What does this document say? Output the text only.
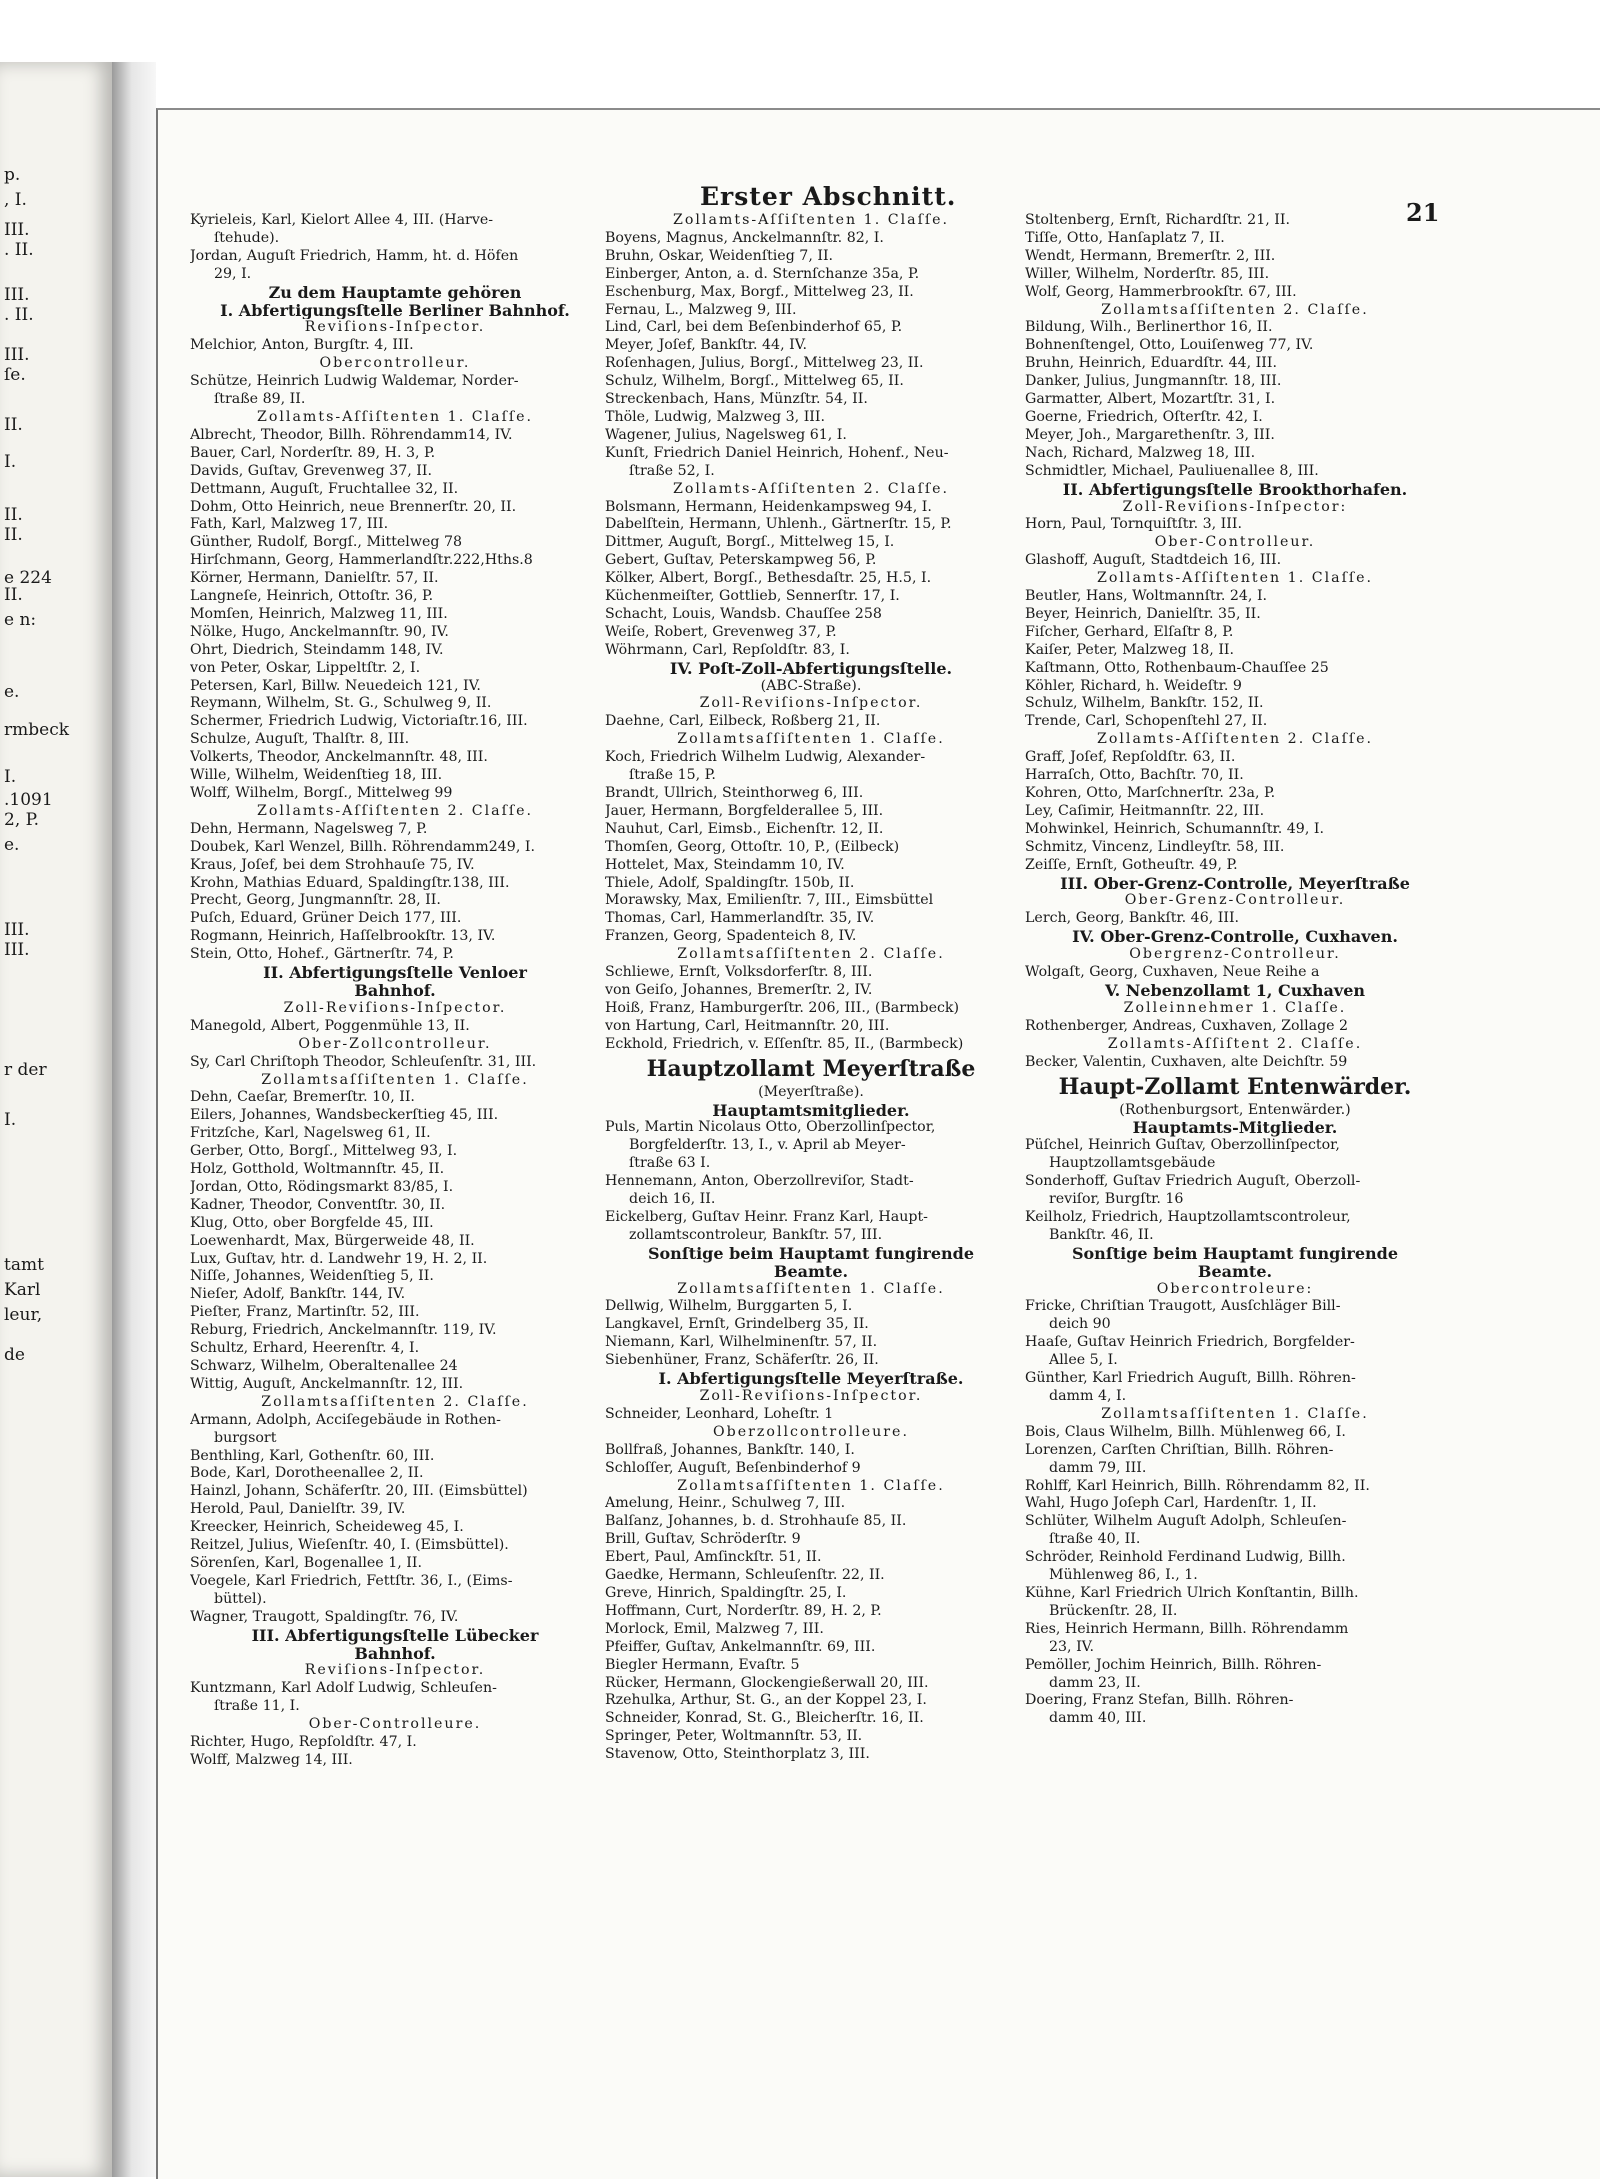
p.
, I.
III.
. II.
III.
. II.
III.
ſe.
II.
I.
II.
II.
e 224
II.
e n:
e.
rmbeck
I.
.1091
2, P.
e.
III.
III.
r der
I.
tamt
Karl
leur,
de
Erster Abschnitt.
21
Kyrieleis, Karl, Kielort Allee 4, III. (Harve-
ſtehude).
Jordan, Auguſt Friedrich, Hamm, ht. d. Höfen
29, I.
Zu dem Hauptamte gehören
I. Abfertigungsſtelle Berliner Bahnhof.
Reviſions-Inſpector.
Melchior, Anton, Burgſtr. 4, III.
Obercontrolleur.
Schütze, Heinrich Ludwig Waldemar, Norder-
ſtraße 89, II.
Zollamts-Aſſiſtenten 1. Claſſe.
Albrecht, Theodor, Billh. Röhrendamm14, IV.
Bauer, Carl, Norderſtr. 89, H. 3, P.
Davids, Guſtav, Grevenweg 37, II.
Dettmann, Auguſt, Fruchtallee 32, II.
Dohm, Otto Heinrich, neue Brennerſtr. 20, II.
Fath, Karl, Malzweg 17, III.
Günther, Rudolf, Borgſ., Mittelweg 78
Hirſchmann, Georg, Hammerlandſtr.222,Hths.8
Körner, Hermann, Danielſtr. 57, II.
Langneſe, Heinrich, Ottoſtr. 36, P.
Momſen, Heinrich, Malzweg 11, III.
Nölke, Hugo, Anckelmannſtr. 90, IV.
Ohrt, Diedrich, Steindamm 148, IV.
von Peter, Oskar, Lippeltſtr. 2, I.
Petersen, Karl, Billw. Neuedeich 121, IV.
Reymann, Wilhelm, St. G., Schulweg 9, II.
Schermer, Friedrich Ludwig, Victoriaſtr.16, III.
Schulze, Auguſt, Thalſtr. 8, III.
Volkerts, Theodor, Anckelmannſtr. 48, III.
Wille, Wilhelm, Weidenſtieg 18, III.
Wolff, Wilhelm, Borgſ., Mittelweg 99
Zollamts-Aſſiſtenten 2. Claſſe.
Dehn, Hermann, Nagelsweg 7, P.
Doubek, Karl Wenzel, Billh. Röhrendamm249, I.
Kraus, Joſef, bei dem Strohhauſe 75, IV.
Krohn, Mathias Eduard, Spaldingſtr.138, III.
Precht, Georg, Jungmannſtr. 28, II.
Puſch, Eduard, Grüner Deich 177, III.
Rogmann, Heinrich, Haſſelbrookſtr. 13, IV.
Stein, Otto, Hohef., Gärtnerſtr. 74, P.
II. Abfertigungsſtelle Venloer
Bahnhof.
Zoll-Reviſions-Inſpector.
Manegold, Albert, Poggenmühle 13, II.
Ober-Zollcontrolleur.
Sy, Carl Chriſtoph Theodor, Schleuſenſtr. 31, III.
Zollamtsaſſiſtenten 1. Claſſe.
Dehn, Caeſar, Bremerſtr. 10, II.
Eilers, Johannes, Wandsbeckerſtieg 45, III.
Fritzſche, Karl, Nagelsweg 61, II.
Gerber, Otto, Borgſ., Mittelweg 93, I.
Holz, Gotthold, Woltmannſtr. 45, II.
Jordan, Otto, Rödingsmarkt 83/85, I.
Kadner, Theodor, Conventſtr. 30, II.
Klug, Otto, ober Borgfelde 45, III.
Loewenhardt, Max, Bürgerweide 48, II.
Lux, Guſtav, htr. d. Landwehr 19, H. 2, II.
Niſſe, Johannes, Weidenſtieg 5, II.
Nieſer, Adolf, Bankſtr. 144, IV.
Pieſter, Franz, Martinſtr. 52, III.
Reburg, Friedrich, Anckelmannſtr. 119, IV.
Schultz, Erhard, Heerenſtr. 4, I.
Schwarz, Wilhelm, Oberaltenallee 24
Wittig, Auguſt, Anckelmannſtr. 12, III.
Zollamtsaſſiſtenten 2. Claſſe.
Armann, Adolph, Acciſegebäude in Rothen-
burgsort
Benthling, Karl, Gothenſtr. 60, III.
Bode, Karl, Dorotheenallee 2, II.
Hainzl, Johann, Schäferſtr. 20, III. (Eimsbüttel)
Herold, Paul, Danielſtr. 39, IV.
Kreecker, Heinrich, Scheideweg 45, I.
Reitzel, Julius, Wieſenſtr. 40, I. (Eimsbüttel).
Sörenſen, Karl, Bogenallee 1, II.
Voegele, Karl Friedrich, Fettſtr. 36, I., (Eims-
büttel).
Wagner, Traugott, Spaldingſtr. 76, IV.
III. Abfertigungsſtelle Lübecker
Bahnhof.
Reviſions-Inſpector.
Kuntzmann, Karl Adolf Ludwig, Schleuſen-
ſtraße 11, I.
Ober-Controlleure.
Richter, Hugo, Repſoldſtr. 47, I.
Wolff, Malzweg 14, III.
Zollamts-Aſſiſtenten 1. Claſſe.
Boyens, Magnus, Anckelmannſtr. 82, I.
Bruhn, Oskar, Weidenſtieg 7, II.
Einberger, Anton, a. d. Sternſchanze 35a, P.
Eschenburg, Max, Borgf., Mittelweg 23, II.
Fernau, L., Malzweg 9, III.
Lind, Carl, bei dem Beſenbinderhof 65, P.
Meyer, Joſef, Bankſtr. 44, IV.
Roſenhagen, Julius, Borgſ., Mittelweg 23, II.
Schulz, Wilhelm, Borgſ., Mittelweg 65, II.
Streckenbach, Hans, Münzſtr. 54, II.
Thöle, Ludwig, Malzweg 3, III.
Wagener, Julius, Nagelsweg 61, I.
Kunſt, Friedrich Daniel Heinrich, Hohenf., Neu-
ſtraße 52, I.
Zollamts-Aſſiſtenten 2. Claſſe.
Bolsmann, Hermann, Heidenkampsweg 94, I.
Dabelſtein, Hermann, Uhlenh., Gärtnerſtr. 15, P.
Dittmer, Auguſt, Borgſ., Mittelweg 15, I.
Gebert, Guſtav, Peterskampweg 56, P.
Kölker, Albert, Borgſ., Bethesdaſtr. 25, H.5, I.
Küchenmeiſter, Gottlieb, Sennerſtr. 17, I.
Schacht, Louis, Wandsb. Chauſſee 258
Weiſe, Robert, Grevenweg 37, P.
Wöhrmann, Carl, Repſoldſtr. 83, I.
IV. Poſt-Zoll-Abfertigungsſtelle.
(ABC-Straße).
Zoll-Reviſions-Inſpector.
Daehne, Carl, Eilbeck, Roßberg 21, II.
Zollamtsaſſiſtenten 1. Claſſe.
Koch, Friedrich Wilhelm Ludwig, Alexander-
ſtraße 15, P.
Brandt, Ullrich, Steinthorweg 6, III.
Jauer, Hermann, Borgfelderallee 5, III.
Nauhut, Carl, Eimsb., Eichenſtr. 12, II.
Thomſen, Georg, Ottoſtr. 10, P., (Eilbeck)
Hottelet, Max, Steindamm 10, IV.
Thiele, Adolf, Spaldingſtr. 150b, II.
Morawsky, Max, Emilienſtr. 7, III., Eimsbüttel
Thomas, Carl, Hammerlandſtr. 35, IV.
Franzen, Georg, Spadenteich 8, IV.
Zollamtsaſſiſtenten 2. Claſſe.
Schliewe, Ernſt, Volksdorferſtr. 8, III.
von Geiſo, Johannes, Bremerſtr. 2, IV.
Hoiß, Franz, Hamburgerſtr. 206, III., (Barmbeck)
von Hartung, Carl, Heitmannſtr. 20, III.
Eckhold, Friedrich, v. Eſſenſtr. 85, II., (Barmbeck)
Hauptzollamt Meyerſtraße
(Meyerſtraße).
Hauptamtsmitglieder.
Puls, Martin Nicolaus Otto, Oberzollinſpector,
Borgfelderſtr. 13, I., v. April ab Meyer-
ſtraße 63 I.
Hennemann, Anton, Oberzollreviſor, Stadt-
deich 16, II.
Eickelberg, Guſtav Heinr. Franz Karl, Haupt-
zollamtscontroleur, Bankſtr. 57, III.
Sonſtige beim Hauptamt fungirende
Beamte.
Zollamtsaſſiſtenten 1. Claſſe.
Dellwig, Wilhelm, Burggarten 5, I.
Langkavel, Ernſt, Grindelberg 35, II.
Niemann, Karl, Wilhelminenſtr. 57, II.
Siebenhüner, Franz, Schäferſtr. 26, II.
I. Abfertigungsſtelle Meyerſtraße.
Zoll-Reviſions-Inſpector.
Schneider, Leonhard, Loheſtr. 1
Oberzollcontrolleure.
Bollfraß, Johannes, Bankſtr. 140, I.
Schloſſer, Auguſt, Beſenbinderhof 9
Zollamtsaſſiſtenten 1. Claſſe.
Amelung, Heinr., Schulweg 7, III.
Balſanz, Johannes, b. d. Strohhauſe 85, II.
Brill, Guſtav, Schröderſtr. 9
Ebert, Paul, Amſinckſtr. 51, II.
Gaedke, Hermann, Schleuſenſtr. 22, II.
Greve, Hinrich, Spaldingſtr. 25, I.
Hoffmann, Curt, Norderſtr. 89, H. 2, P.
Morlock, Emil, Malzweg 7, III.
Pfeiffer, Guſtav, Ankelmannſtr. 69, III.
Biegler Hermann, Evaſtr. 5
Rücker, Hermann, Glockengießerwall 20, III.
Rzehulka, Arthur, St. G., an der Koppel 23, I.
Schneider, Konrad, St. G., Bleicherſtr. 16, II.
Springer, Peter, Woltmannſtr. 53, II.
Stavenow, Otto, Steinthorplatz 3, III.
Stoltenberg, Ernſt, Richardſtr. 21, II.
Tiſſe, Otto, Hanſaplatz 7, II.
Wendt, Hermann, Bremerſtr. 2, III.
Willer, Wilhelm, Norderſtr. 85, III.
Wolf, Georg, Hammerbrookſtr. 67, III.
Zollamtsaſſiſtenten 2. Claſſe.
Bildung, Wilh., Berlinerthor 16, II.
Bohnenſtengel, Otto, Louiſenweg 77, IV.
Bruhn, Heinrich, Eduardſtr. 44, III.
Danker, Julius, Jungmannſtr. 18, III.
Garmatter, Albert, Mozartſtr. 31, I.
Goerne, Friedrich, Oſterſtr. 42, I.
Meyer, Joh., Margarethenſtr. 3, III.
Nach, Richard, Malzweg 18, III.
Schmidtler, Michael, Pauliuenallee 8, III.
II. Abfertigungsſtelle Brookthorhafen.
Zoll-Reviſions-Inſpector:
Horn, Paul, Tornquiſtſtr. 3, III.
Ober-Controlleur.
Glashoff, Auguſt, Stadtdeich 16, III.
Zollamts-Aſſiſtenten 1. Claſſe.
Beutler, Hans, Woltmannſtr. 24, I.
Beyer, Heinrich, Danielſtr. 35, II.
Fiſcher, Gerhard, Elſaſtr 8, P.
Kaiſer, Peter, Malzweg 18, II.
Kaſtmann, Otto, Rothenbaum-Chauſſee 25
Köhler, Richard, h. Weideſtr. 9
Schulz, Wilhelm, Bankſtr. 152, II.
Trende, Carl, Schopenſtehl 27, II.
Zollamts-Aſſiſtenten 2. Claſſe.
Graff, Joſef, Repſoldſtr. 63, II.
Harraſch, Otto, Bachſtr. 70, II.
Kohren, Otto, Marſchnerſtr. 23a, P.
Ley, Caſimir, Heitmannſtr. 22, III.
Mohwinkel, Heinrich, Schumannſtr. 49, I.
Schmitz, Vincenz, Lindleyſtr. 58, III.
Zeiſſe, Ernſt, Gotheuſtr. 49, P.
III. Ober-Grenz-Controlle, Meyerſtraße
Ober-Grenz-Controlleur.
Lerch, Georg, Bankſtr. 46, III.
IV. Ober-Grenz-Controlle, Cuxhaven.
Obergrenz-Controlleur.
Wolgaſt, Georg, Cuxhaven, Neue Reihe a
V. Nebenzollamt 1, Cuxhaven
Zolleinnehmer 1. Claſſe.
Rothenberger, Andreas, Cuxhaven, Zollage 2
Zollamts-Aſſiſtent 2. Claſſe.
Becker, Valentin, Cuxhaven, alte Deichſtr. 59
Haupt-Zollamt Entenwärder.
(Rothenburgsort, Entenwärder.)
Hauptamts-Mitglieder.
Püſchel, Heinrich Guſtav, Oberzollinſpector,
Hauptzollamtsgebäude
Sonderhoff, Guſtav Friedrich Auguſt, Oberzoll-
reviſor, Burgſtr. 16
Keilholz, Friedrich, Hauptzollamtscontroleur,
Bankſtr. 46, II.
Sonſtige beim Hauptamt fungirende
Beamte.
Obercontroleure:
Fricke, Chriſtian Traugott, Ausſchläger Bill-
deich 90
Haaſe, Guſtav Heinrich Friedrich, Borgfelder-
Allee 5, I.
Günther, Karl Friedrich Auguſt, Billh. Röhren-
damm 4, I.
Zollamtsaſſiſtenten 1. Claſſe.
Bois, Claus Wilhelm, Billh. Mühlenweg 66, I.
Lorenzen, Carſten Chriſtian, Billh. Röhren-
damm 79, III.
Rohlff, Karl Heinrich, Billh. Röhrendamm 82, II.
Wahl, Hugo Joſeph Carl, Hardenſtr. 1, II.
Schlüter, Wilhelm Auguſt Adolph, Schleuſen-
ſtraße 40, II.
Schröder, Reinhold Ferdinand Ludwig, Billh.
Mühlenweg 86, I., 1.
Kühne, Karl Friedrich Ulrich Konſtantin, Billh.
Brückenſtr. 28, II.
Ries, Heinrich Hermann, Billh. Röhrendamm
23, IV.
Pemöller, Jochim Heinrich, Billh. Röhren-
damm 23, II.
Doering, Franz Stefan, Billh. Röhren-
damm 40, III.
